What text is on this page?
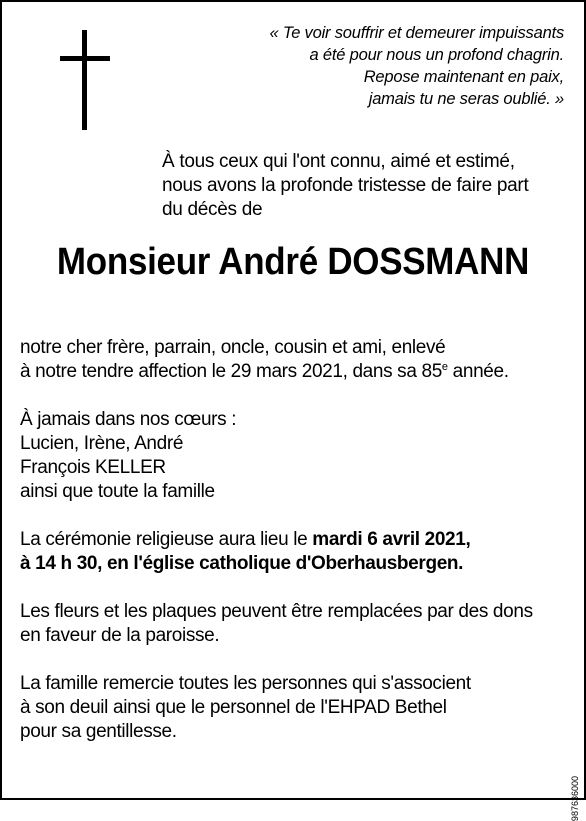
« Te voir souffrir et demeurer impuissants
a été pour nous un profond chagrin.
Repose maintenant en paix,
jamais tu ne seras oublié. »
À tous ceux qui l'ont connu, aimé et estimé,
nous avons la profonde tristesse de faire part
du décès de
Monsieur André DOSSMANN
notre cher frère, parrain, oncle, cousin et ami, enlevé
à notre tendre affection le 29 mars 2021, dans sa 85e année.
À jamais dans nos cœurs :
Lucien, Irène, André
François KELLER
ainsi que toute la famille
La cérémonie religieuse aura lieu le mardi 6 avril 2021,
à 14 h 30, en l'église catholique d'Oberhausbergen.
Les fleurs et les plaques peuvent être remplacées par des dons
en faveur de la paroisse.
La famille remercie toutes les personnes qui s'associent
à son deuil ainsi que le personnel de l'EHPAD Bethel
pour sa gentillesse.
987636000
